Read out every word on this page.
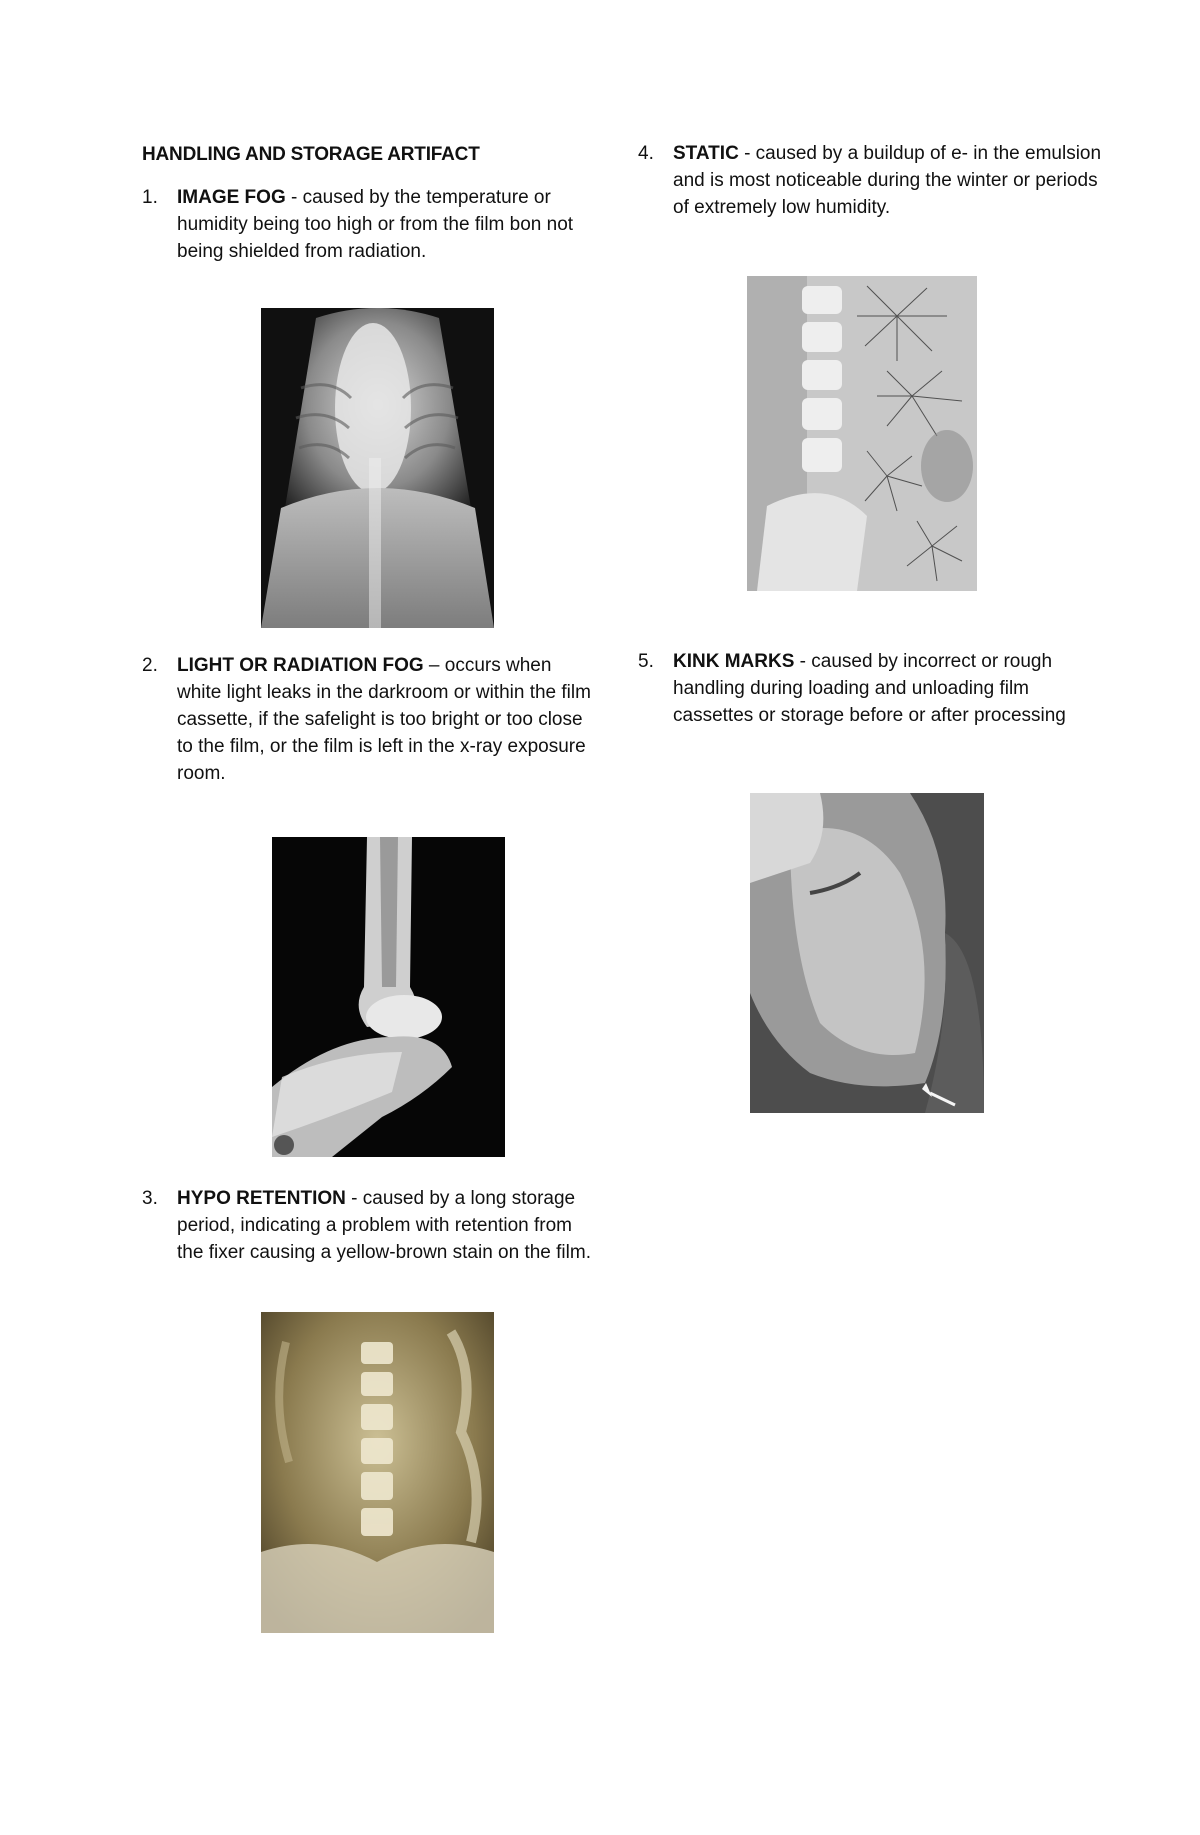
HANDLING AND STORAGE ARTIFACT
1. IMAGE FOG - caused by the temperature or humidity being too high or from the film bon not being shielded from radiation.
2. LIGHT OR RADIATION FOG – occurs when white light leaks in the darkroom or within the film cassette, if the safelight is too bright or too close to the film, or the film is left in the x-ray exposure room.
3. HYPO RETENTION - caused by a long storage period, indicating a problem with retention from the fixer causing a yellow-brown stain on the film.
4. STATIC - caused by a buildup of e- in the emulsion and is most noticeable during the winter or periods of extremely low humidity.
5. KINK MARKS - caused by incorrect or rough handling during loading and unloading film cassettes or storage before or after processing
